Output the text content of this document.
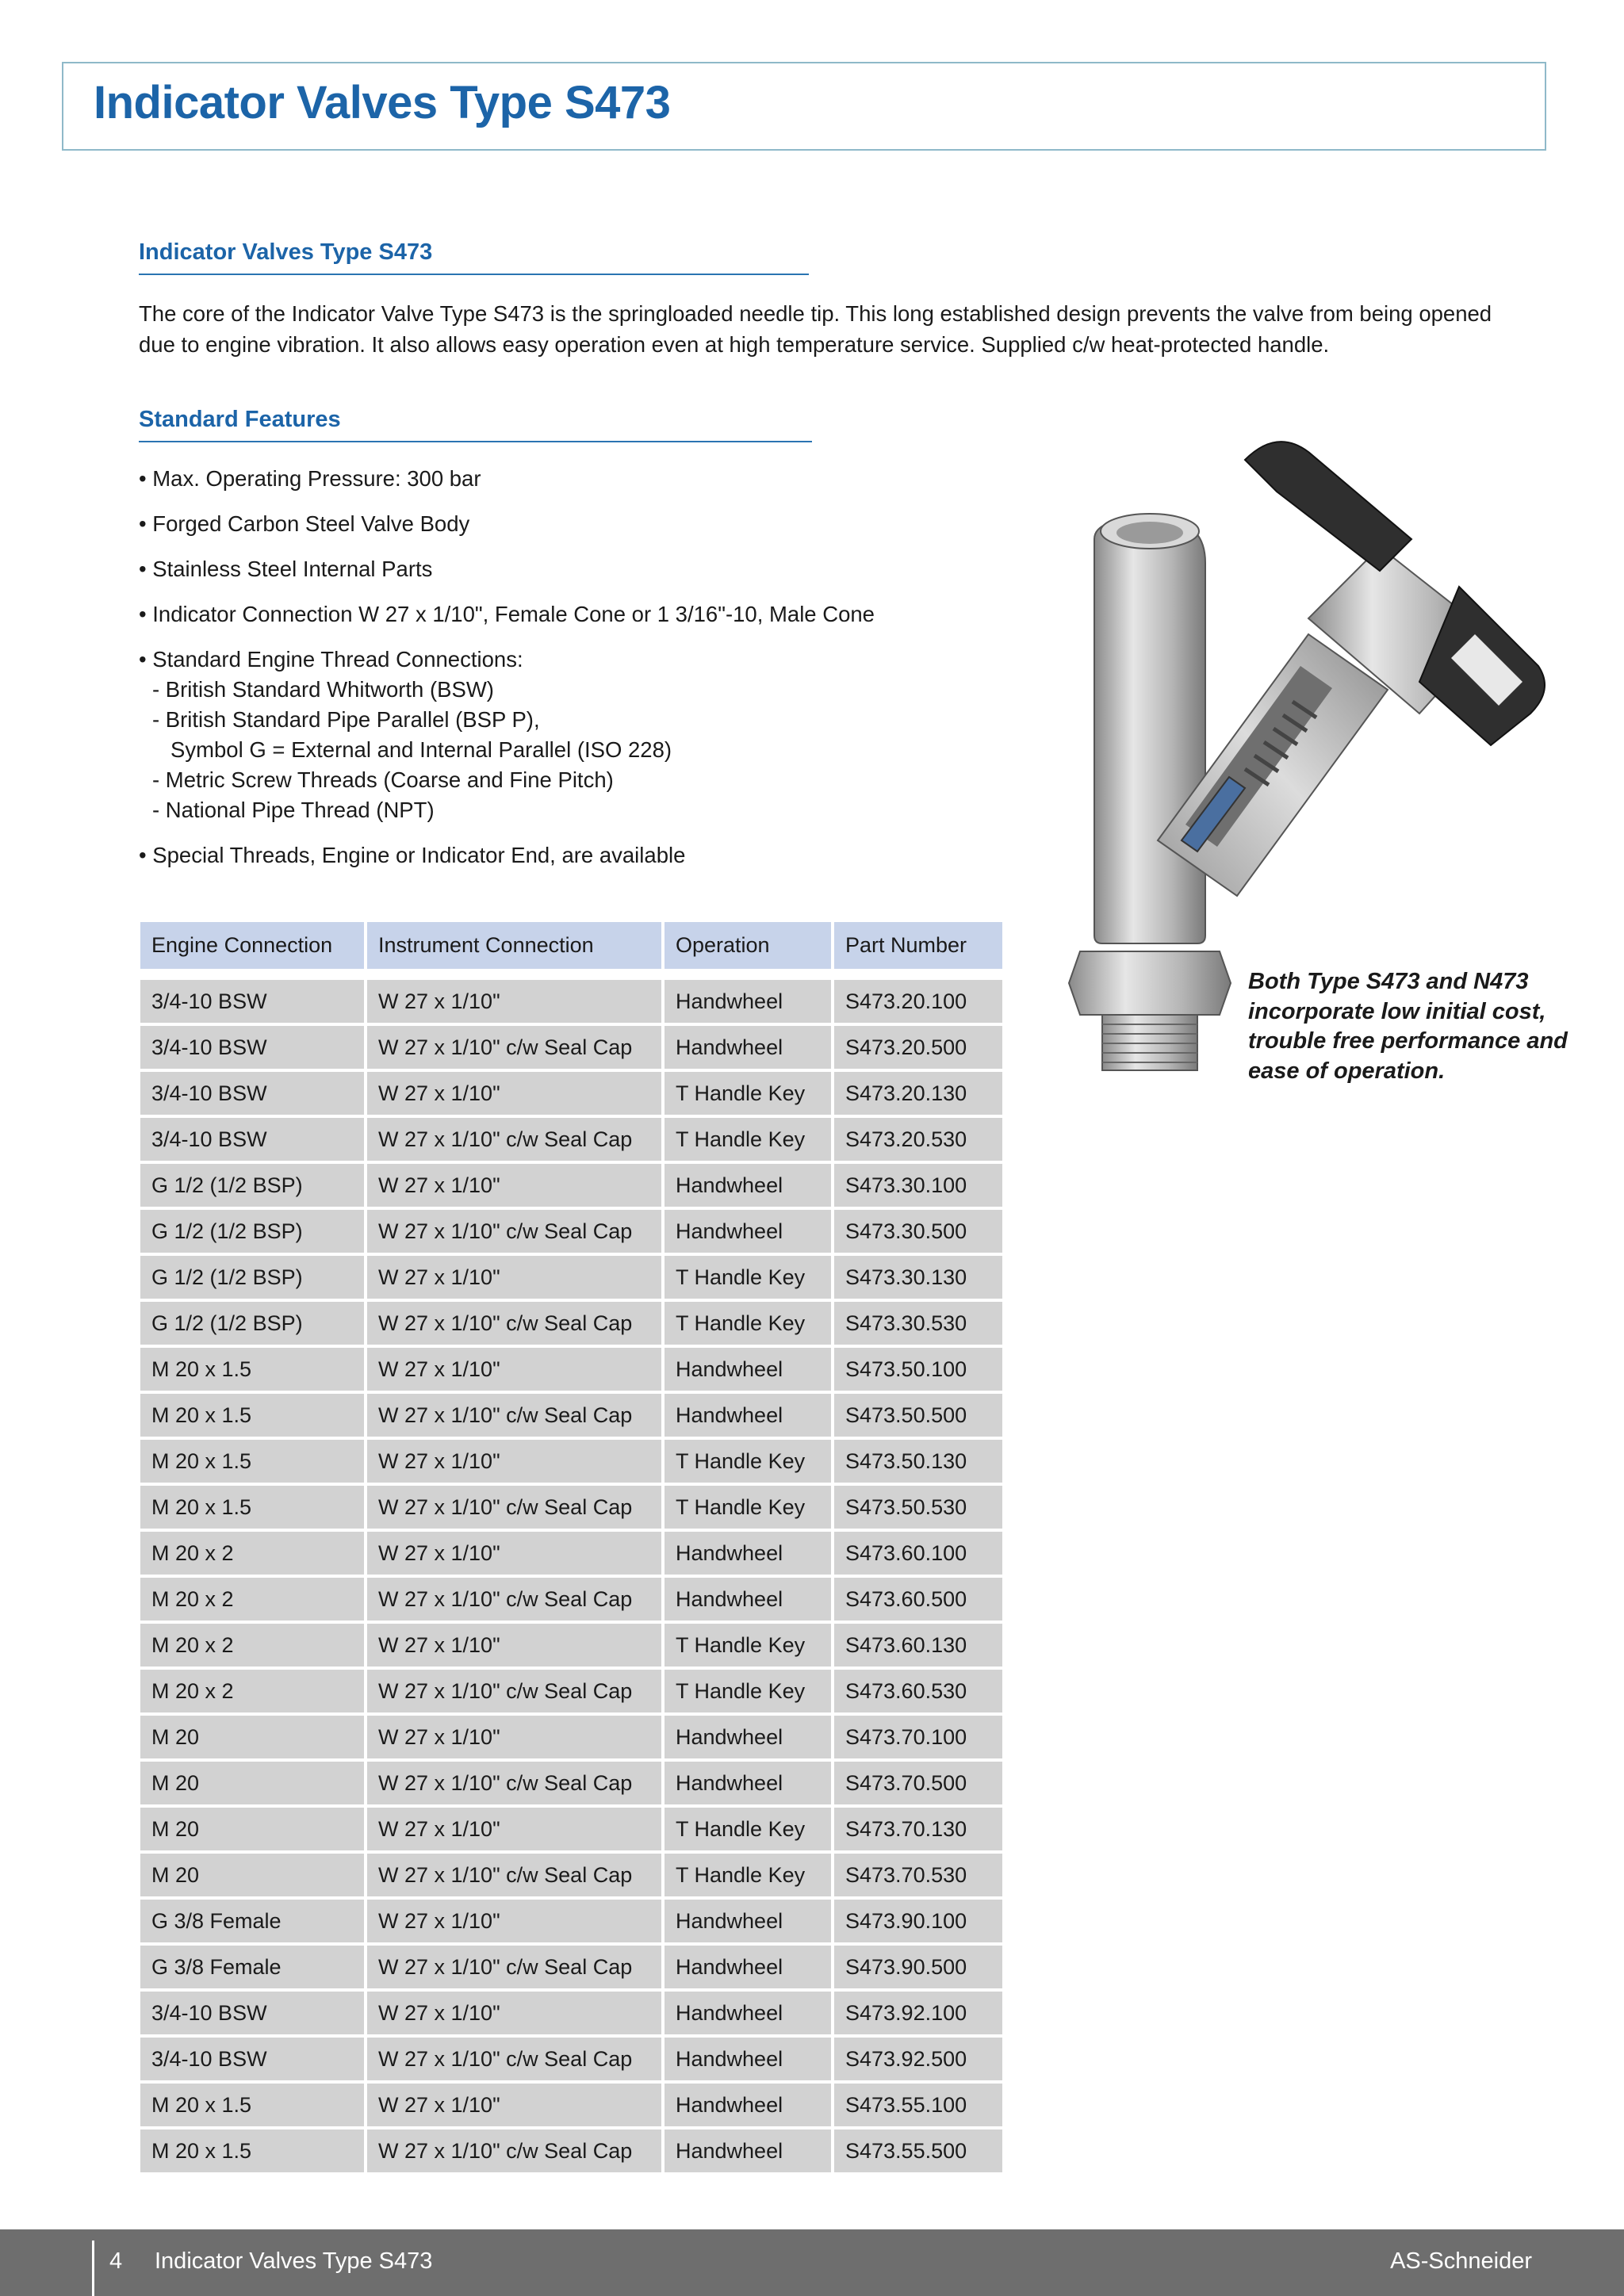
Indicator Valves Type S473
Indicator Valves Type S473

The core of the Indicator Valve Type S473 is the springloaded needle tip. This long established design prevents the valve from being opened due to engine vibration. It also allows easy operation even at high temperature service. Supplied c/w heat-protected handle.

Standard Features

• Max. Operating Pressure: 300 bar

• Forged Carbon Steel Valve Body

• Stainless Steel Internal Parts

• Indicator Connection W 27 x 1/10", Female Cone or 1 3/16"-10, Male Cone

• Standard Engine Thread Connections:
- British Standard Whitworth (BSW)
- British Standard Pipe Parallel (BSP P),
Symbol G = External and Internal Parallel (ISO 228)
- Metric Screw Threads (Coarse and Fine Pitch)
- National Pipe Thread (NPT)

• Special Threads, Engine or Indicator End, are available

Engine Connection	Instrument Connection	Operation	Part Number

3/4-10 BSW	W 27 x 1/10"	Handwheel	S473.20.100
3/4-10 BSW	W 27 x 1/10" c/w Seal Cap	Handwheel	S473.20.500
3/4-10 BSW	W 27 x 1/10"	T Handle Key	S473.20.130
3/4-10 BSW	W 27 x 1/10" c/w Seal Cap	T Handle Key	S473.20.530
G 1/2 (1/2 BSP)	W 27 x 1/10"	Handwheel	S473.30.100
G 1/2 (1/2 BSP)	W 27 x 1/10" c/w Seal Cap	Handwheel	S473.30.500
G 1/2 (1/2 BSP)	W 27 x 1/10"	T Handle Key	S473.30.130
G 1/2 (1/2 BSP)	W 27 x 1/10" c/w Seal Cap	T Handle Key	S473.30.530
M 20 x 1.5	W 27 x 1/10"	Handwheel	S473.50.100
M 20 x 1.5	W 27 x 1/10" c/w Seal Cap	Handwheel	S473.50.500
M 20 x 1.5	W 27 x 1/10"	T Handle Key	S473.50.130
M 20 x 1.5	W 27 x 1/10" c/w Seal Cap	T Handle Key	S473.50.530
M 20 x 2	W 27 x 1/10"	Handwheel	S473.60.100
M 20 x 2	W 27 x 1/10" c/w Seal Cap	Handwheel	S473.60.500
M 20 x 2	W 27 x 1/10"	T Handle Key	S473.60.130
M 20 x 2	W 27 x 1/10" c/w Seal Cap	T Handle Key	S473.60.530
M 20	W 27 x 1/10"	Handwheel	S473.70.100
M 20	W 27 x 1/10" c/w Seal Cap	Handwheel	S473.70.500
M 20	W 27 x 1/10"	T Handle Key	S473.70.130
M 20	W 27 x 1/10" c/w Seal Cap	T Handle Key	S473.70.530
G 3/8 Female	W 27 x 1/10"	Handwheel	S473.90.100
G 3/8 Female	W 27 x 1/10" c/w Seal Cap	Handwheel	S473.90.500
3/4-10 BSW	W 27 x 1/10"	Handwheel	S473.92.100
3/4-10 BSW	W 27 x 1/10" c/w Seal Cap	Handwheel	S473.92.500
M 20 x 1.5	W 27 x 1/10"	Handwheel	S473.55.100
M 20 x 1.5	W 27 x 1/10" c/w Seal Cap	Handwheel	S473.55.500
Both Type S473 and N473 incorporate low initial cost, trouble free performance and ease of operation.
4 Indicator Valves Type S473	AS-Schneider
